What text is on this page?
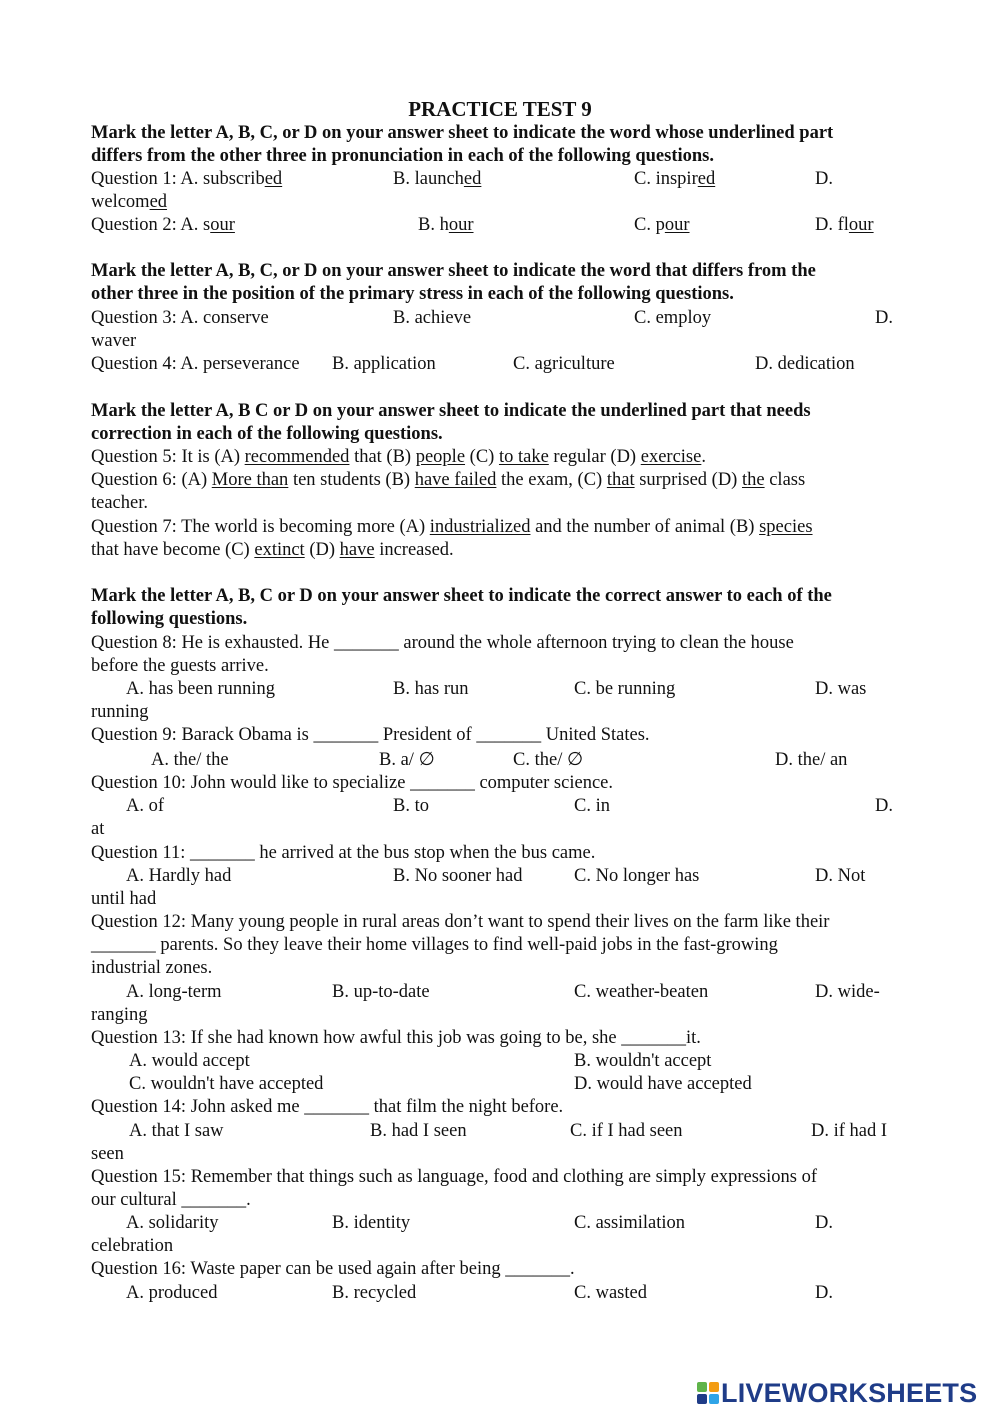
PRACTICE TEST 9
Mark the letter A, B, C, or D on your answer sheet to indicate the word whose underlined part
differs from the other three in pronunciation in each of the following questions.
Question 1: A. subscribed	B. launched	C. inspired	D.
welcomed
Question 2: A. sour	B. hour	C. pour	D. flour
Mark the letter A, B, C, or D on your answer sheet to indicate the word that differs from the
other three in the position of the primary stress in each of the following questions.
Question 3: A. conserve	B. achieve	C. employ	D.
waver
Question 4: A. perseverance B. application	C. agriculture	D. dedication
Mark the letter A, B C or D on your answer sheet to indicate the underlined part that needs
correction in each of the following questions.
Question 5: It is (A) recommended that (B) people (C) to take regular (D) exercise.
Question 6: (A) More than ten students (B) have failed the exam, (C) that surprised (D) the class
teacher.
Question 7: The world is becoming more (A) industrialized and the number of animal (B) species
that have become (C) extinct (D) have increased.
Mark the letter A, B, C or D on your answer sheet to indicate the correct answer to each of the
following questions.
Question 8: He is exhausted. He _______ around the whole afternoon trying to clean the house
before the guests arrive.
A. has been running	B. has run	C. be running	D. was
running
Question 9: Barack Obama is _______ President of _______ United States.
A. the/ the	B. a/ ∅	C. the/ ∅	D. the/ an
Question 10: John would like to specialize _______ computer science.
A. of	B. to	C. in	D.
at
Question 11: _______ he arrived at the bus stop when the bus came.
A. Hardly had	B. No sooner had	C. No longer has	D. Not
until had
Question 12: Many young people in rural areas don’t want to spend their lives on the farm like their
_______ parents. So they leave their home villages to find well-paid jobs in the fast-growing
industrial zones.
A. long-term	B. up-to-date	C. weather-beaten	D. wide-
ranging
Question 13: If she had known how awful this job was going to be, she _______it.
A. would accept	B. wouldn't accept
C. wouldn't have accepted	D. would have accepted
Question 14: John asked me _______ that film the night before.
A. that I saw	B. had I seen	C. if I had seen	D. if had I
seen
Question 15: Remember that things such as language, food and clothing are simply expressions of
our cultural _______.
A. solidarity	B. identity	C. assimilation	D.
celebration
Question 16: Waste paper can be used again after being _______.
A. produced	B. recycled	C. wasted	D.
LIVEWORKSHEETS
